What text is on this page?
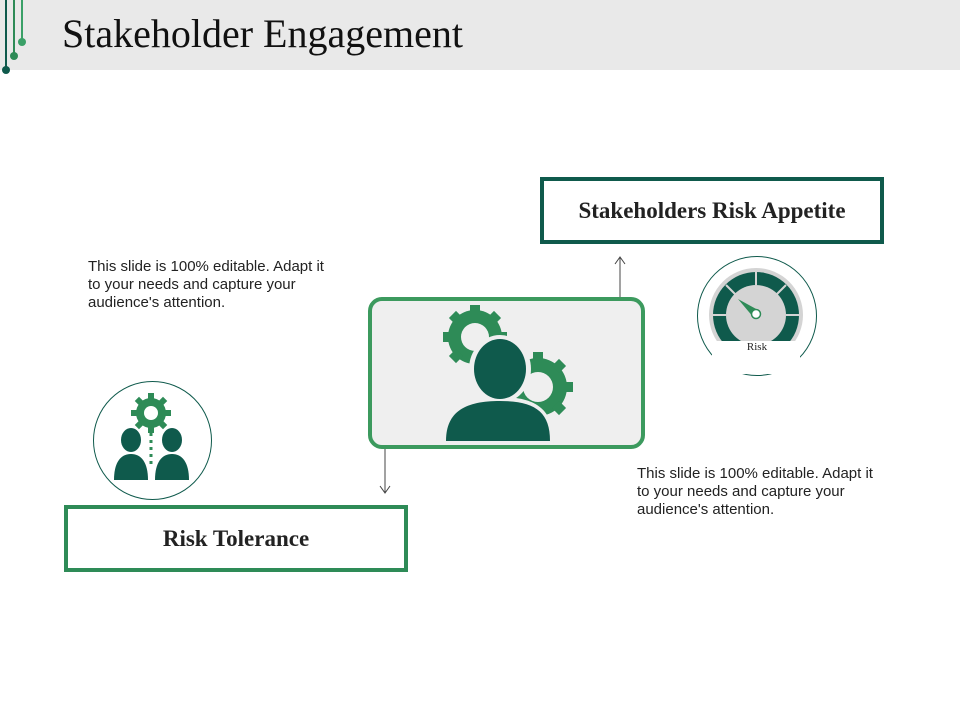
Stakeholder Engagement
Stakeholders Risk Appetite
This slide is 100% editable. Adapt it to your needs and capture your audience's attention.
This slide is 100% editable. Adapt it to your needs and capture your audience's attention.
Risk Tolerance
Risk
